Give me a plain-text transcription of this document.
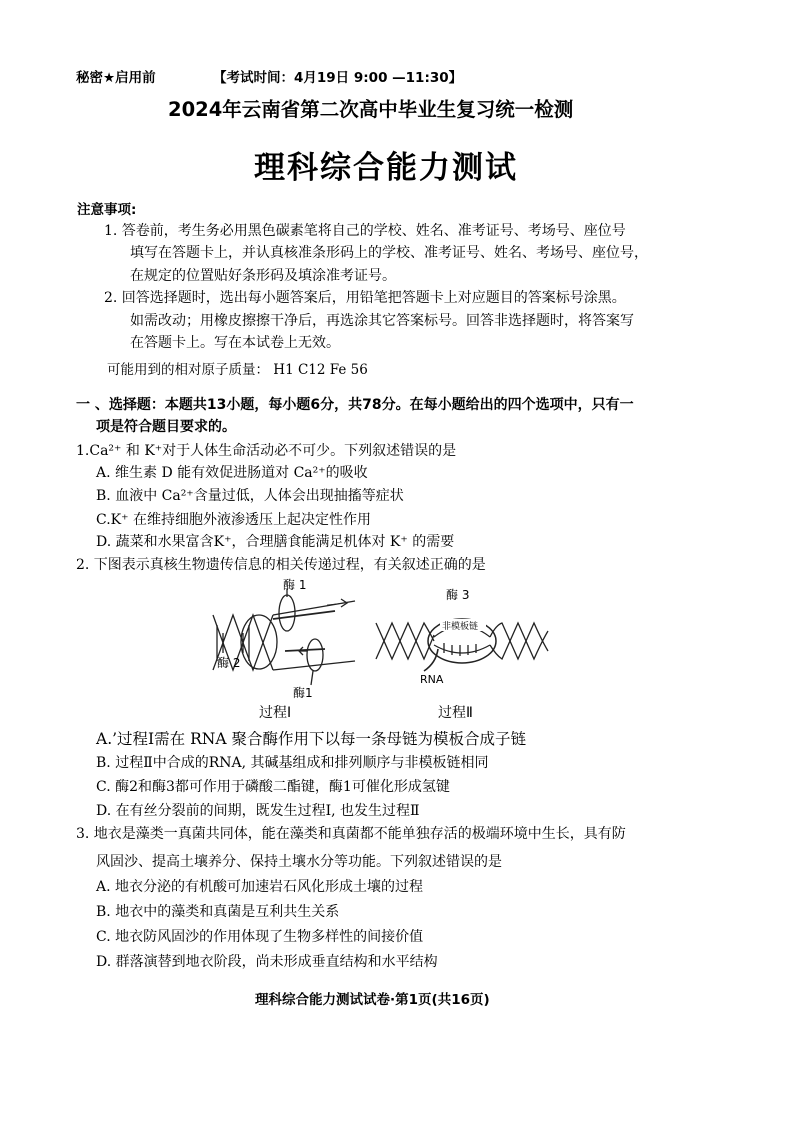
秘密★启用前	【考试时间：4月19日 9:00 —11:30】
2024年云南省第二次高中毕业生复习统一检测
理科综合能力测试
注意事项:
1. 答卷前，考生务必用黑色碳素笔将自己的学校、姓名、准考证号、考场号、座位号
填写在答题卡上，并认真核准条形码上的学校、准考证号、姓名、考场号、座位号，
在规定的位置贴好条形码及填涂准考证号。
2. 回答选择题时，选出每小题答案后，用铅笔把答题卡上对应题目的答案标号涂黑。
如需改动；用橡皮擦擦干净后，再选涂其它答案标号。回答非选择题时，将答案写
在答题卡上。写在本试卷上无效。
可能用到的相对原子质量： H1 C12 Fe 56
一 、选择题：本题共13小题，每小题6分，共78分。在每小题给出的四个选项中，只有一
项是符合题目要求的。
1.Ca²⁺ 和 K⁺对于人体生命活动必不可少。下列叙述错误的是
A. 维生素 D 能有效促进肠道对 Ca²⁺的吸收
B. 血液中 Ca²⁺含量过低，人体会出现抽搐等症状
C.K⁺ 在维持细胞外液渗透压上起决定性作用
D. 蔬菜和水果富含K⁺，合理膳食能满足机体对 K⁺ 的需要
2. 下图表示真核生物遗传信息的相关传递过程，有关叙述正确的是
酶 1
酶 2
酶1
酶 3
非模板链
RNA
过程Ⅰ	过程Ⅱ
A.’过程Ⅰ需在 RNA 聚合酶作用下以每一条母链为模板合成子链
B. 过程Ⅱ中合成的RNA, 其碱基组成和排列顺序与非模板链相同
C. 酶2和酶3都可作用于磷酸二酯键，酶1可催化形成氢键
D. 在有丝分裂前的间期，既发生过程Ⅰ, 也发生过程Ⅱ
3. 地衣是藻类一真菌共同体，能在藻类和真菌都不能单独存活的极端环境中生长，具有防
风固沙、提高土壤养分、保持土壤水分等功能。下列叙述错误的是
A. 地衣分泌的有机酸可加速岩石风化形成土壤的过程
B. 地衣中的藻类和真菌是互利共生关系
C. 地衣防风固沙的作用体现了生物多样性的间接价值
D. 群落演替到地衣阶段，尚未形成垂直结构和水平结构
理科综合能力测试试卷·第1页(共16页)
